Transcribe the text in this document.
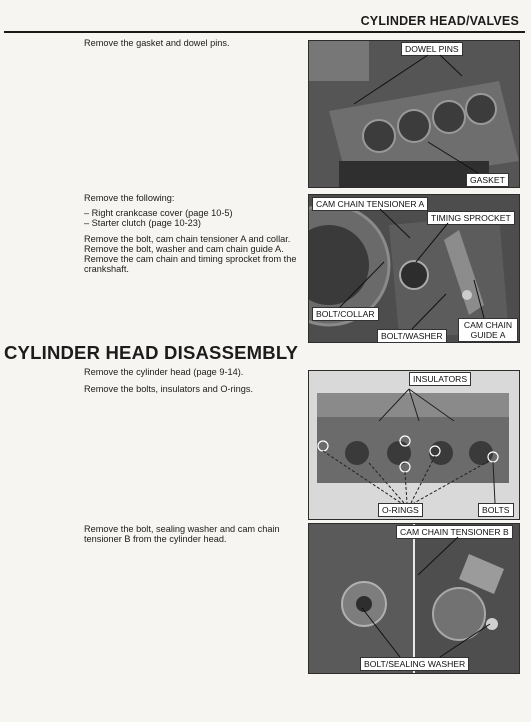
CYLINDER HEAD/VALVES
Remove the gasket and dowel pins.
DOWEL PINS
GASKET
Remove the following:
– Right crankcase cover (page 10-5)
– Starter clutch (page 10-23)
Remove the bolt, cam chain tensioner A and collar.
Remove the bolt, washer and cam chain guide A.
Remove the cam chain and timing sprocket from the
crankshaft.
CAM CHAIN TENSIONER A
TIMING SPROCKET
BOLT/COLLAR
BOLT/WASHER
CAM CHAIN GUIDE A
CYLINDER HEAD DISASSEMBLY
Remove the cylinder head (page 9-14).
Remove the bolts, insulators and O-rings.
INSULATORS
O-RINGS	BOLTS
Remove the bolt, sealing washer and cam chain
tensioner B from the cylinder head.
CAM CHAIN TENSIONER B
BOLT/SEALING WASHER
